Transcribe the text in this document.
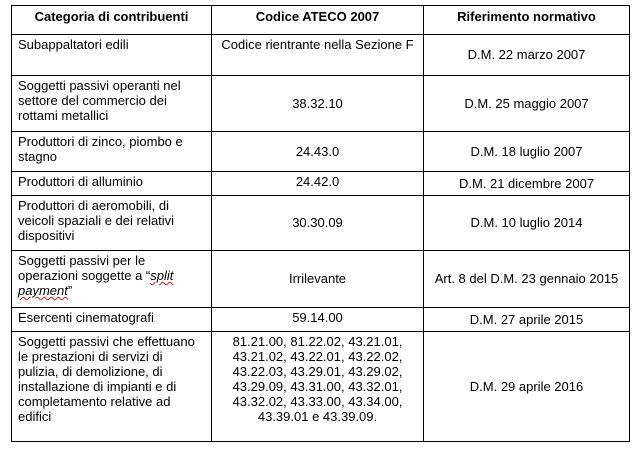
Categoria di contribuenti	Codice ATECO 2007	Riferimento normativo
Subappaltatori edili	Codice rientrante nella Sezione F	D.M. 22 marzo 2007
Soggetti passivi operanti nel settore del commercio dei rottami metallici	38.32.10	D.M. 25 maggio 2007
Produttori di zinco, piombo e stagno	24.43.0	D.M. 18 luglio 2007
Produttori di alluminio	24.42.0	D.M. 21 dicembre 2007
Produttori di aeromobili, di veicoli spaziali e dei relativi dispositivi	30.30.09	D.M. 10 luglio 2014
Soggetti passivi per le operazioni soggette a “split payment”	Irrilevante	Art. 8 del D.M. 23 gennaio 2015
Esercenti cinematografi	59.14.00	D.M. 27 aprile 2015
Soggetti passivi che effettuano le prestazioni di servizi di pulizia, di demolizione, di installazione di impianti e di completamento relative ad edifici	81.21.00, 81.22.02, 43.21.01, 43.21.02, 43.22.01, 43.22.02, 43.22.03, 43.29.01, 43.29.02, 43.29.09, 43.31.00, 43.32.01, 43.32.02, 43.33.00, 43.34.00, 43.39.01 e 43.39.09.	D.M. 29 aprile 2016
